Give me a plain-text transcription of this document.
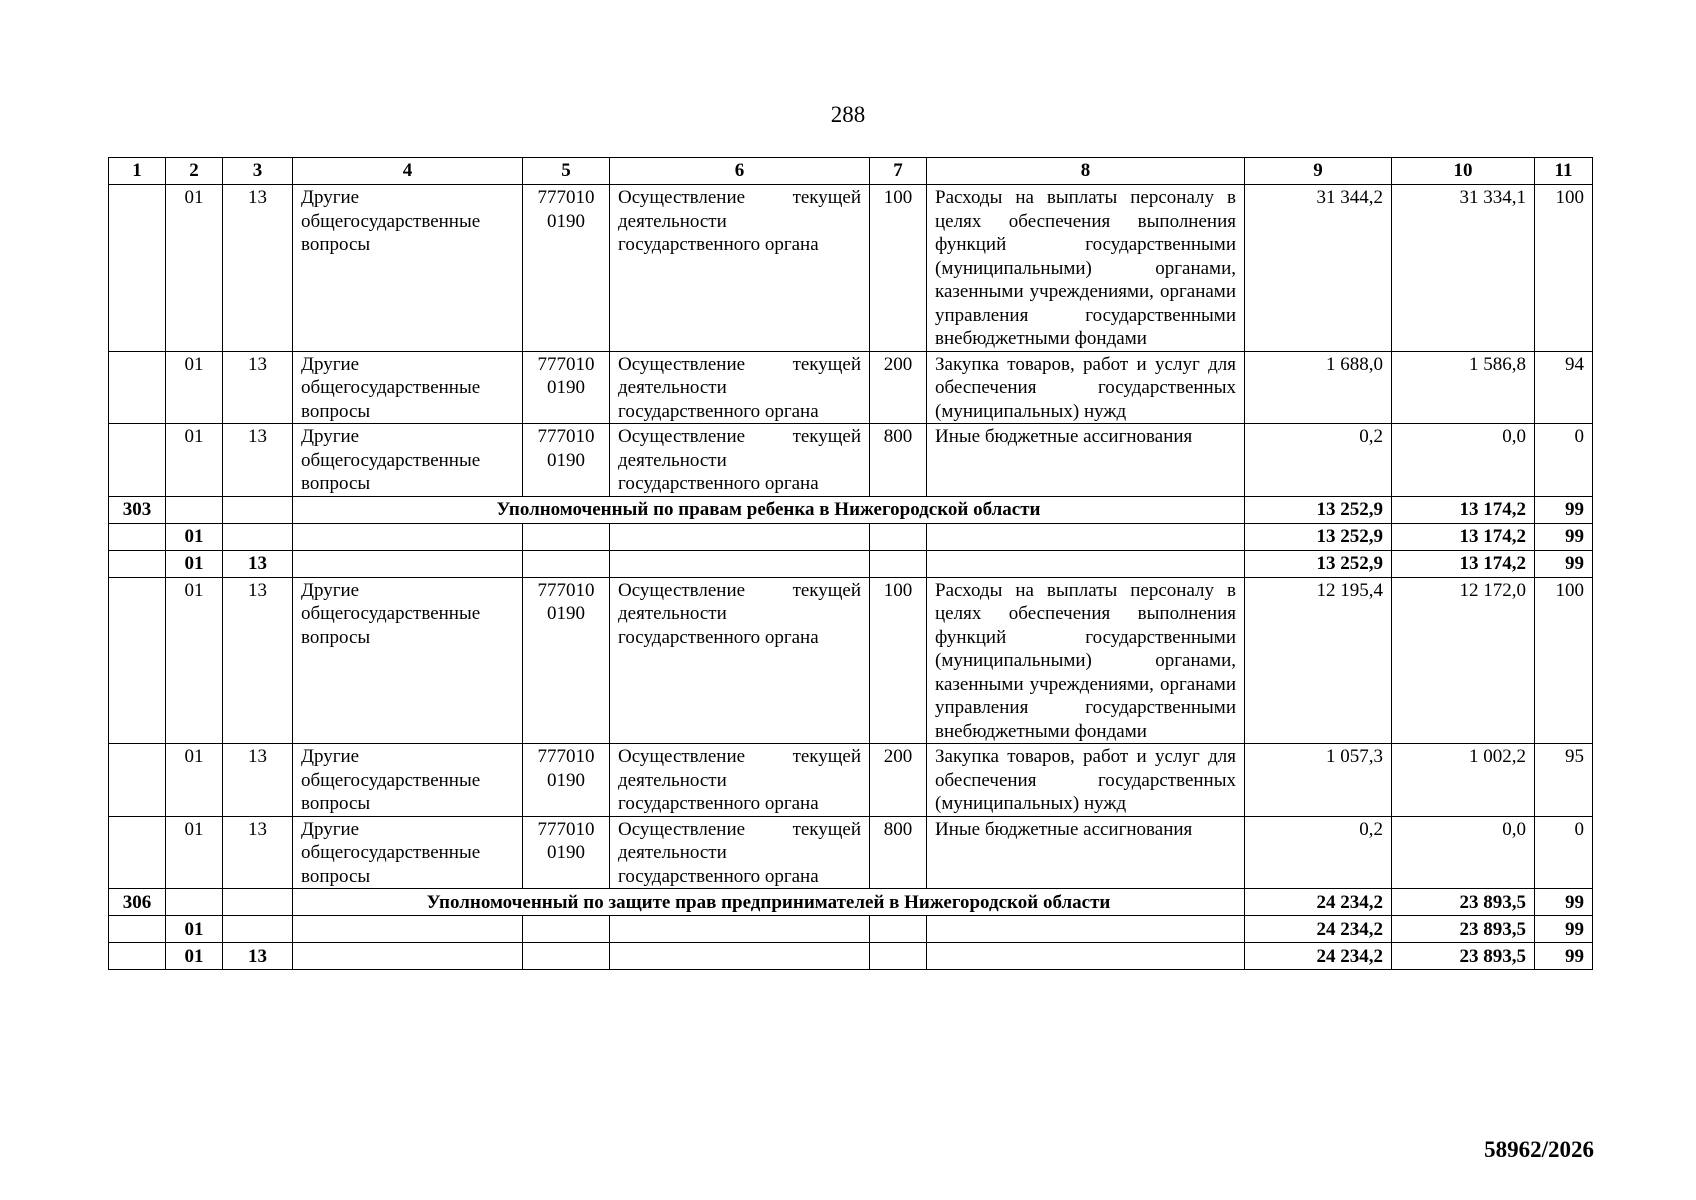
288
1	2	3	4	5	6	7	8	9	10	11
	01	13	Другие общегосударственные вопросы	777010 0190	Осуществление текущей деятельности государственного органа	100	Расходы на выплаты персоналу в целях обеспечения выполнения функций государственными (муниципальными) органами, казенными учреждениями, органами управления государственными внебюджетными фондами	31 344,2	31 334,1	100
	01	13	Другие общегосударственные вопросы	777010 0190	Осуществление текущей деятельности государственного органа	200	Закупка товаров, работ и услуг для обеспечения государственных (муниципальных) нужд	1 688,0	1 586,8	94
	01	13	Другие общегосударственные вопросы	777010 0190	Осуществление текущей деятельности государственного органа	800	Иные бюджетные ассигнования	0,2	0,0	0
303			Уполномоченный по правам ребенка в Нижегородской области					13 252,9	13 174,2	99
	01							13 252,9	13 174,2	99
	01	13						13 252,9	13 174,2	99
	01	13	Другие общегосударственные вопросы	777010 0190	Осуществление текущей деятельности государственного органа	100	Расходы на выплаты персоналу в целях обеспечения выполнения функций государственными (муниципальными) органами, казенными учреждениями, органами управления государственными внебюджетными фондами	12 195,4	12 172,0	100
	01	13	Другие общегосударственные вопросы	777010 0190	Осуществление текущей деятельности государственного органа	200	Закупка товаров, работ и услуг для обеспечения государственных (муниципальных) нужд	1 057,3	1 002,2	95
	01	13	Другие общегосударственные вопросы	777010 0190	Осуществление текущей деятельности государственного органа	800	Иные бюджетные ассигнования	0,2	0,0	0
306			Уполномоченный по защите прав предпринимателей в Нижегородской области					24 234,2	23 893,5	99
	01							24 234,2	23 893,5	99
	01	13						24 234,2	23 893,5	99
58962/2026
